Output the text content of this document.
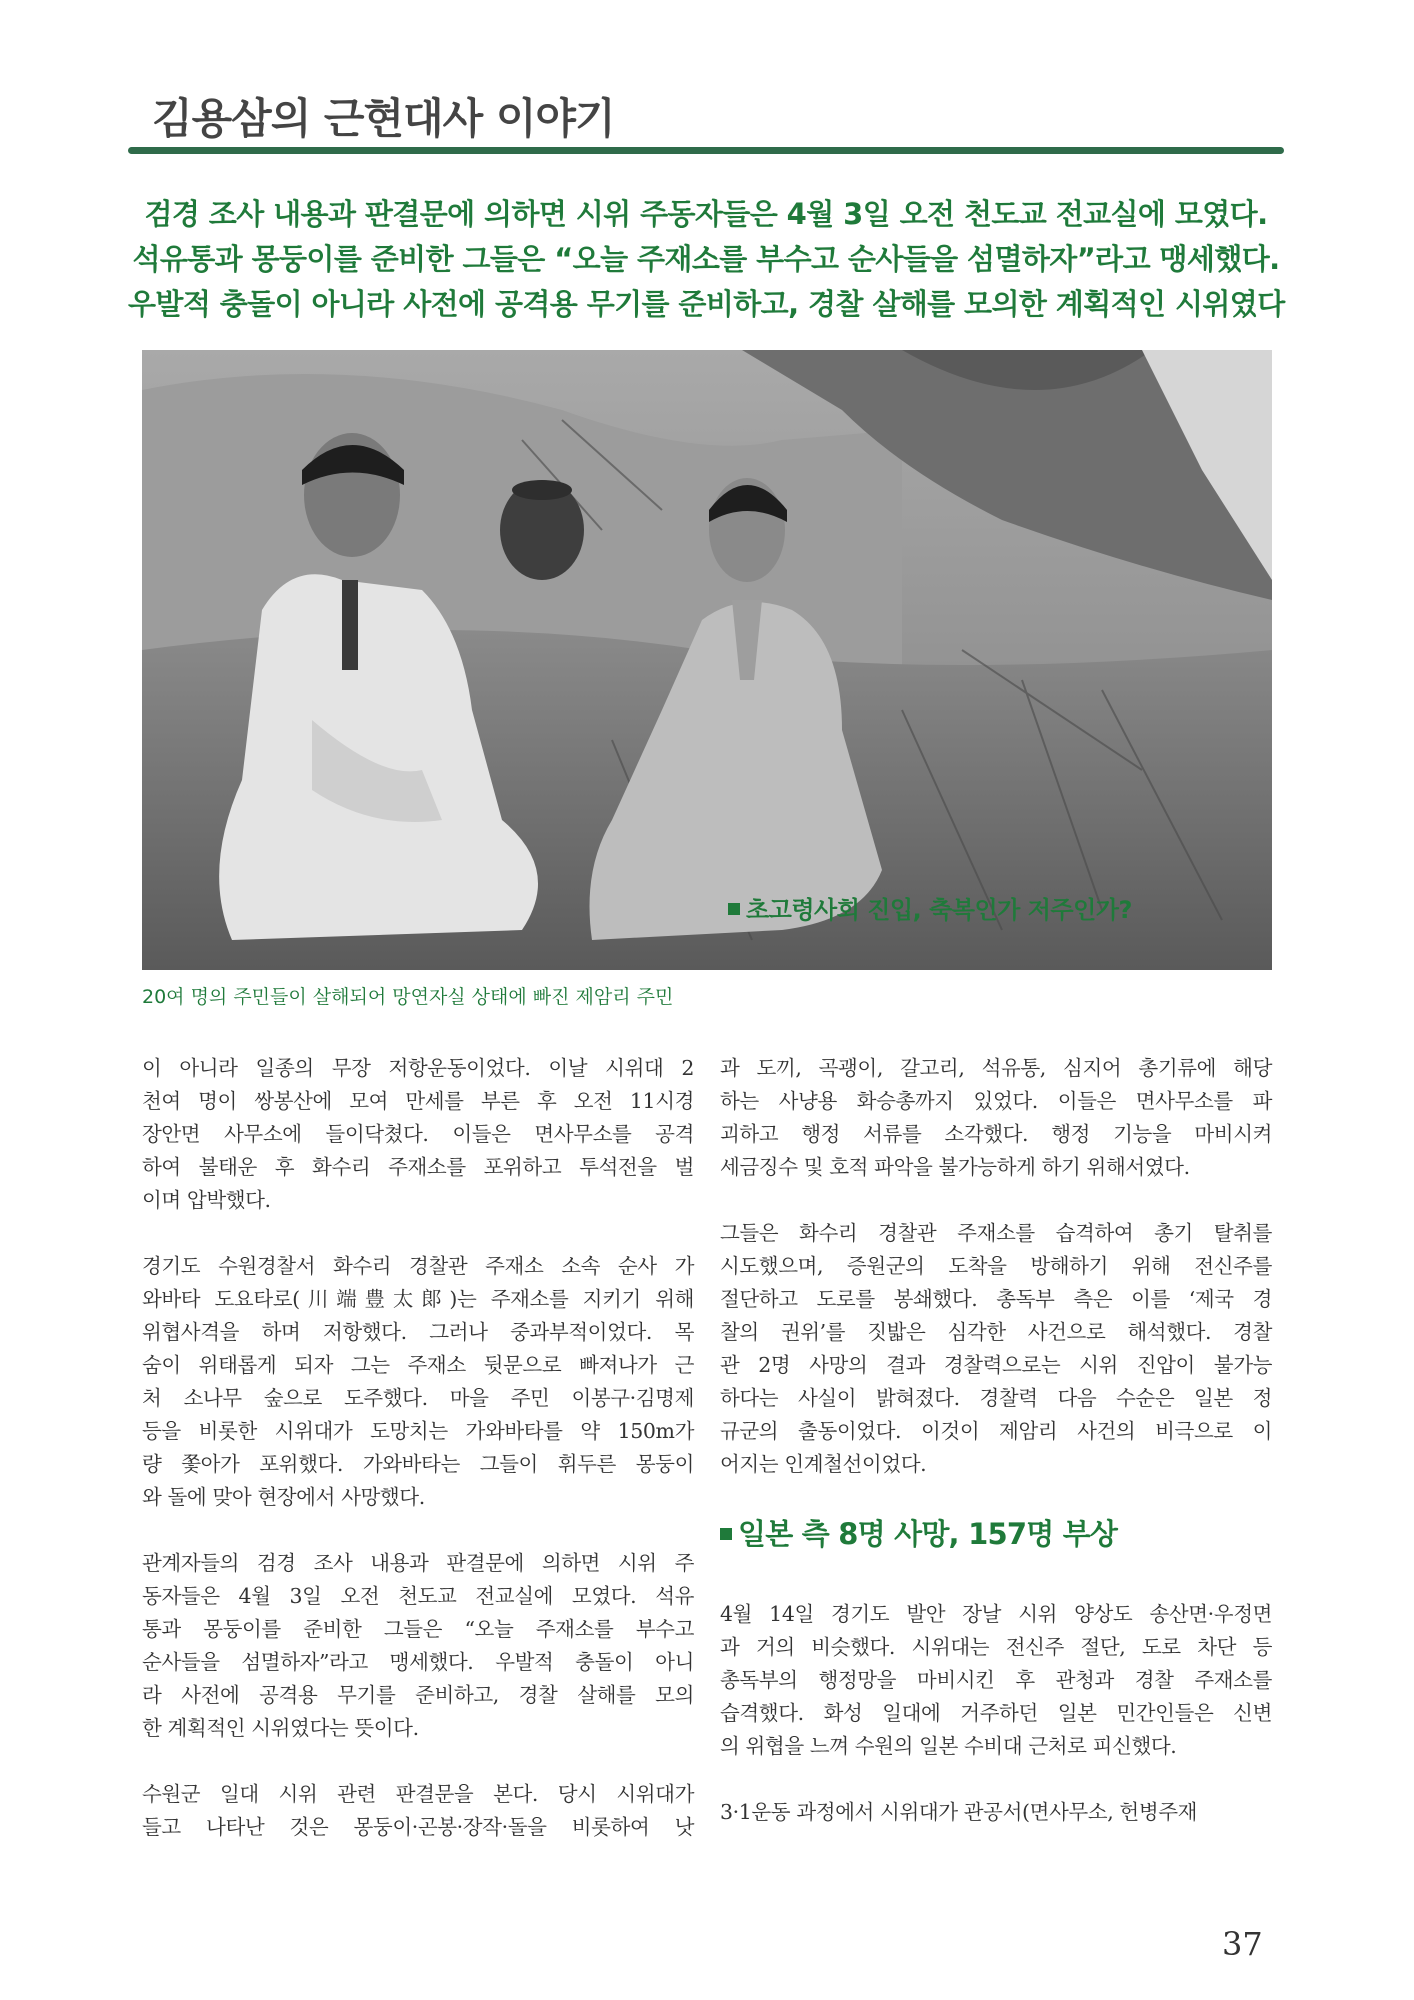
김용삼의 근현대사 이야기
검경 조사 내용과 판결문에 의하면 시위 주동자들은 4월 3일 오전 천도교 전교실에 모였다.
석유통과 몽둥이를 준비한 그들은 “오늘 주재소를 부수고 순사들을 섬멸하자”라고 맹세했다.
우발적 충돌이 아니라 사전에 공격용 무기를 준비하고, 경찰 살해를 모의한 계획적인 시위였다
초고령사회 진입, 축복인가 저주인가?
20여 명의 주민들이 살해되어 망연자실 상태에 빠진 제암리 주민

이 아니라 일종의 무장 저항운동이었다. 이날 시위대 2
천여 명이 쌍봉산에 모여 만세를 부른 후 오전 11시경
장안면 사무소에 들이닥쳤다. 이들은 면사무소를 공격
하여 불태운 후 화수리 주재소를 포위하고 투석전을 벌
이며 압박했다.

경기도 수원경찰서 화수리 경찰관 주재소 소속 순사 가
와바타 도요타로(川端豊太郞)는 주재소를 지키기 위해
위협사격을 하며 저항했다. 그러나 중과부적이었다. 목
숨이 위태롭게 되자 그는 주재소 뒷문으로 빠져나가 근
처 소나무 숲으로 도주했다. 마을 주민 이봉구·김명제
등을 비롯한 시위대가 도망치는 가와바타를 약 150m가
량 쫓아가 포위했다. 가와바타는 그들이 휘두른 몽둥이
와 돌에 맞아 현장에서 사망했다.

관계자들의 검경 조사 내용과 판결문에 의하면 시위 주
동자들은 4월 3일 오전 천도교 전교실에 모였다. 석유
통과 몽둥이를 준비한 그들은 “오늘 주재소를 부수고
순사들을 섬멸하자”라고 맹세했다. 우발적 충돌이 아니
라 사전에 공격용 무기를 준비하고, 경찰 살해를 모의
한 계획적인 시위였다는 뜻이다.

수원군 일대 시위 관련 판결문을 본다. 당시 시위대가
들고 나타난 것은 몽둥이·곤봉·장작·돌을 비롯하여 낫

과 도끼, 곡괭이, 갈고리, 석유통, 심지어 총기류에 해당
하는 사냥용 화승총까지 있었다. 이들은 면사무소를 파
괴하고 행정 서류를 소각했다. 행정 기능을 마비시켜
세금징수 및 호적 파악을 불가능하게 하기 위해서였다.

그들은 화수리 경찰관 주재소를 습격하여 총기 탈취를
시도했으며, 증원군의 도착을 방해하기 위해 전신주를
절단하고 도로를 봉쇄했다. 총독부 측은 이를 ‘제국 경
찰의 권위’를 짓밟은 심각한 사건으로 해석했다. 경찰
관 2명 사망의 결과 경찰력으로는 시위 진압이 불가능
하다는 사실이 밝혀졌다. 경찰력 다음 수순은 일본 정
규군의 출동이었다. 이것이 제암리 사건의 비극으로 이
어지는 인계철선이었다.

일본 측 8명 사망, 157명 부상

4월 14일 경기도 발안 장날 시위 양상도 송산면·우정면
과 거의 비슷했다. 시위대는 전신주 절단, 도로 차단 등
총독부의 행정망을 마비시킨 후 관청과 경찰 주재소를
습격했다. 화성 일대에 거주하던 일본 민간인들은 신변
의 위협을 느껴 수원의 일본 수비대 근처로 피신했다.

3·1운동 과정에서 시위대가 관공서(면사무소, 헌병주재

37
